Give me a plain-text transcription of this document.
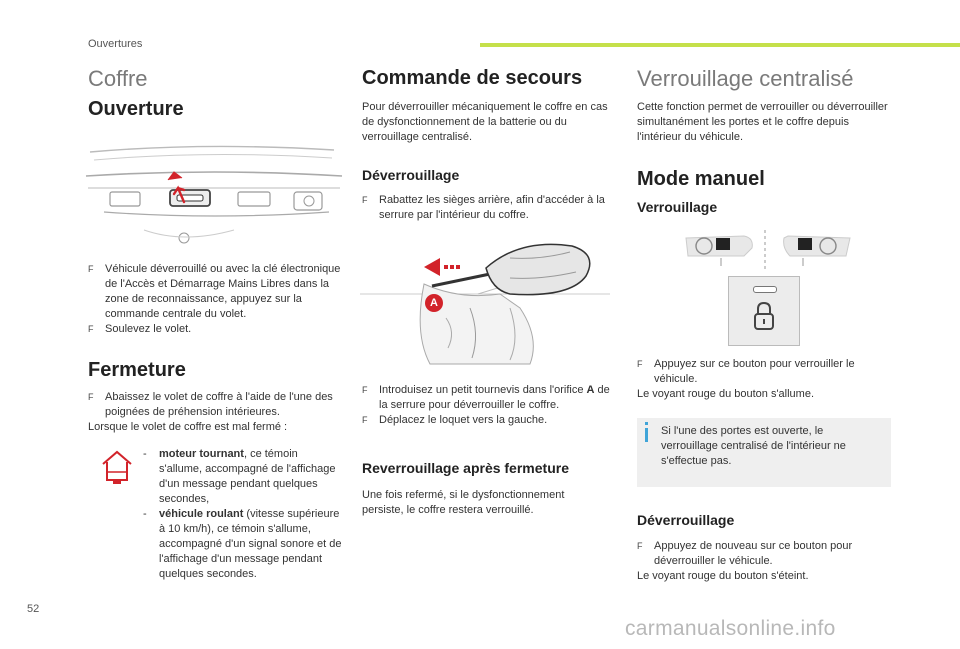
Ouvertures
Coffre
Ouverture

F Véhicule déverrouillé ou avec la clé électronique de l'Accès et Démarrage Mains Libres dans la zone de reconnaissance, appuyez sur la commande centrale du volet.

F Soulevez le volet.

Fermeture

F Abaissez le volet de coffre à l'aide de l'une des poignées de préhension intérieures.

Lorsque le volet de coffre est mal fermé :

- moteur tournant, ce témoin s'allume, accompagné de l'affichage d'un message pendant quelques secondes,
- véhicule roulant (vitesse supérieure à 10 km/h), ce témoin s'allume, accompagné d'un signal sonore et de l'affichage d'un message pendant quelques secondes.
Commande de secours
Pour déverrouiller mécaniquement le coffre en cas de dysfonctionnement de la batterie ou du verrouillage centralisé.
Déverrouillage

F Rabattez les sièges arrière, afin d'accéder à la serrure par l'intérieur du coffre.

A

F Introduisez un petit tournevis dans l'orifice A de la serrure pour déverrouiller le coffre.

F Déplacez le loquet vers la gauche.

Reverrouillage après fermeture
Une fois refermé, si le dysfonctionnement persiste, le coffre restera verrouillé.
Verrouillage centralisé
Cette fonction permet de verrouiller ou déverrouiller simultanément les portes et le coffre depuis l'intérieur du véhicule.
Mode manuel
Verrouillage

F Appuyez sur ce bouton pour verrouiller le véhicule.

Le voyant rouge du bouton s'allume.

Si l'une des portes est ouverte, le verrouillage centralisé de l'intérieur ne s'effectue pas.
Déverrouillage

F Appuyez de nouveau sur ce bouton pour déverrouiller le véhicule.

Le voyant rouge du bouton s'éteint.

52
carmanualsonline.info
